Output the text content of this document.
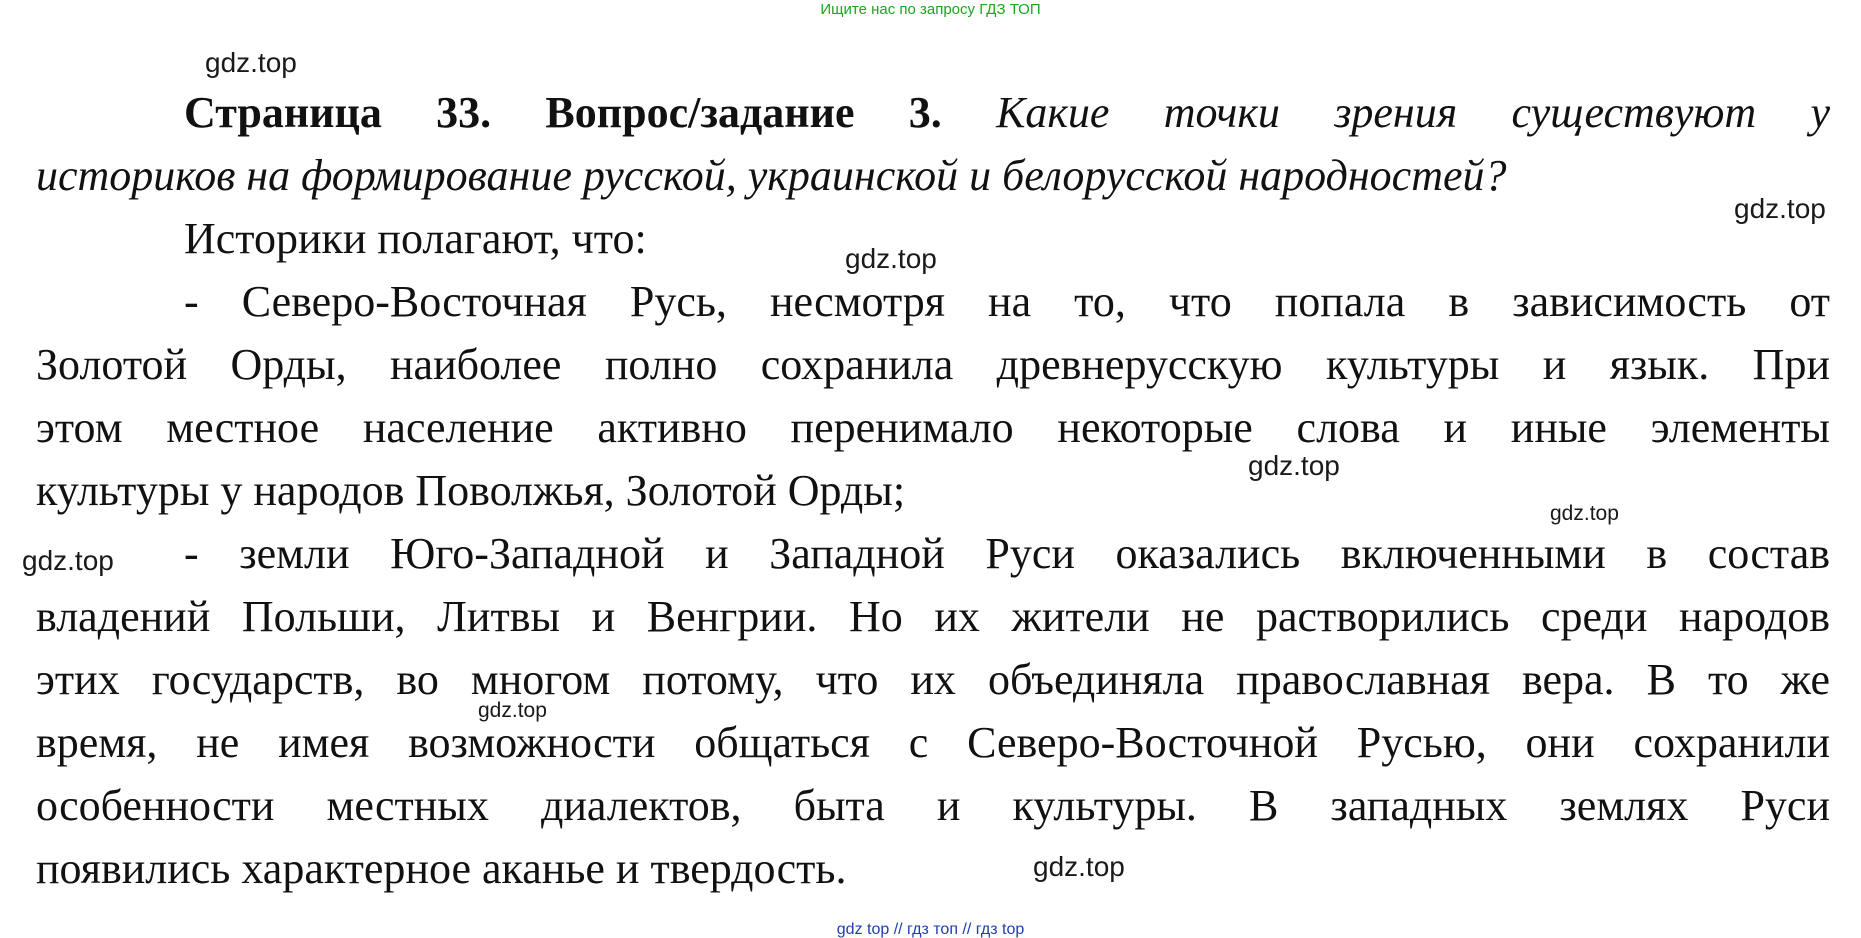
Ищите нас по запросу ГДЗ ТОП
gdz.top
gdz.top
gdz.top
gdz.top
gdz.top
gdz.top
gdz.top
gdz.top
Страница 33. Вопрос/задание 3. Какие точки зрения существуют у
историков на формирование русской, украинской и белорусской народностей?
Историки полагают, что:
- Северо-Восточная Русь, несмотря на то, что попала в зависимость от
Золотой Орды, наиболее полно сохранила древнерусскую культуры и язык. При
этом местное население активно перенимало некоторые слова и иные элементы
культуры у народов Поволжья, Золотой Орды;
- земли Юго-Западной и Западной Руси оказались включенными в состав
владений Польши, Литвы и Венгрии. Но их жители не растворились среди народов
этих государств, во многом потому, что их объединяла православная вера. В то же
время, не имея возможности общаться с Северо-Восточной Русью, они сохранили
особенности местных диалектов, быта и культуры. В западных землях Руси
появились характерное аканье и твердость.
gdz top // гдз топ // гдз top
